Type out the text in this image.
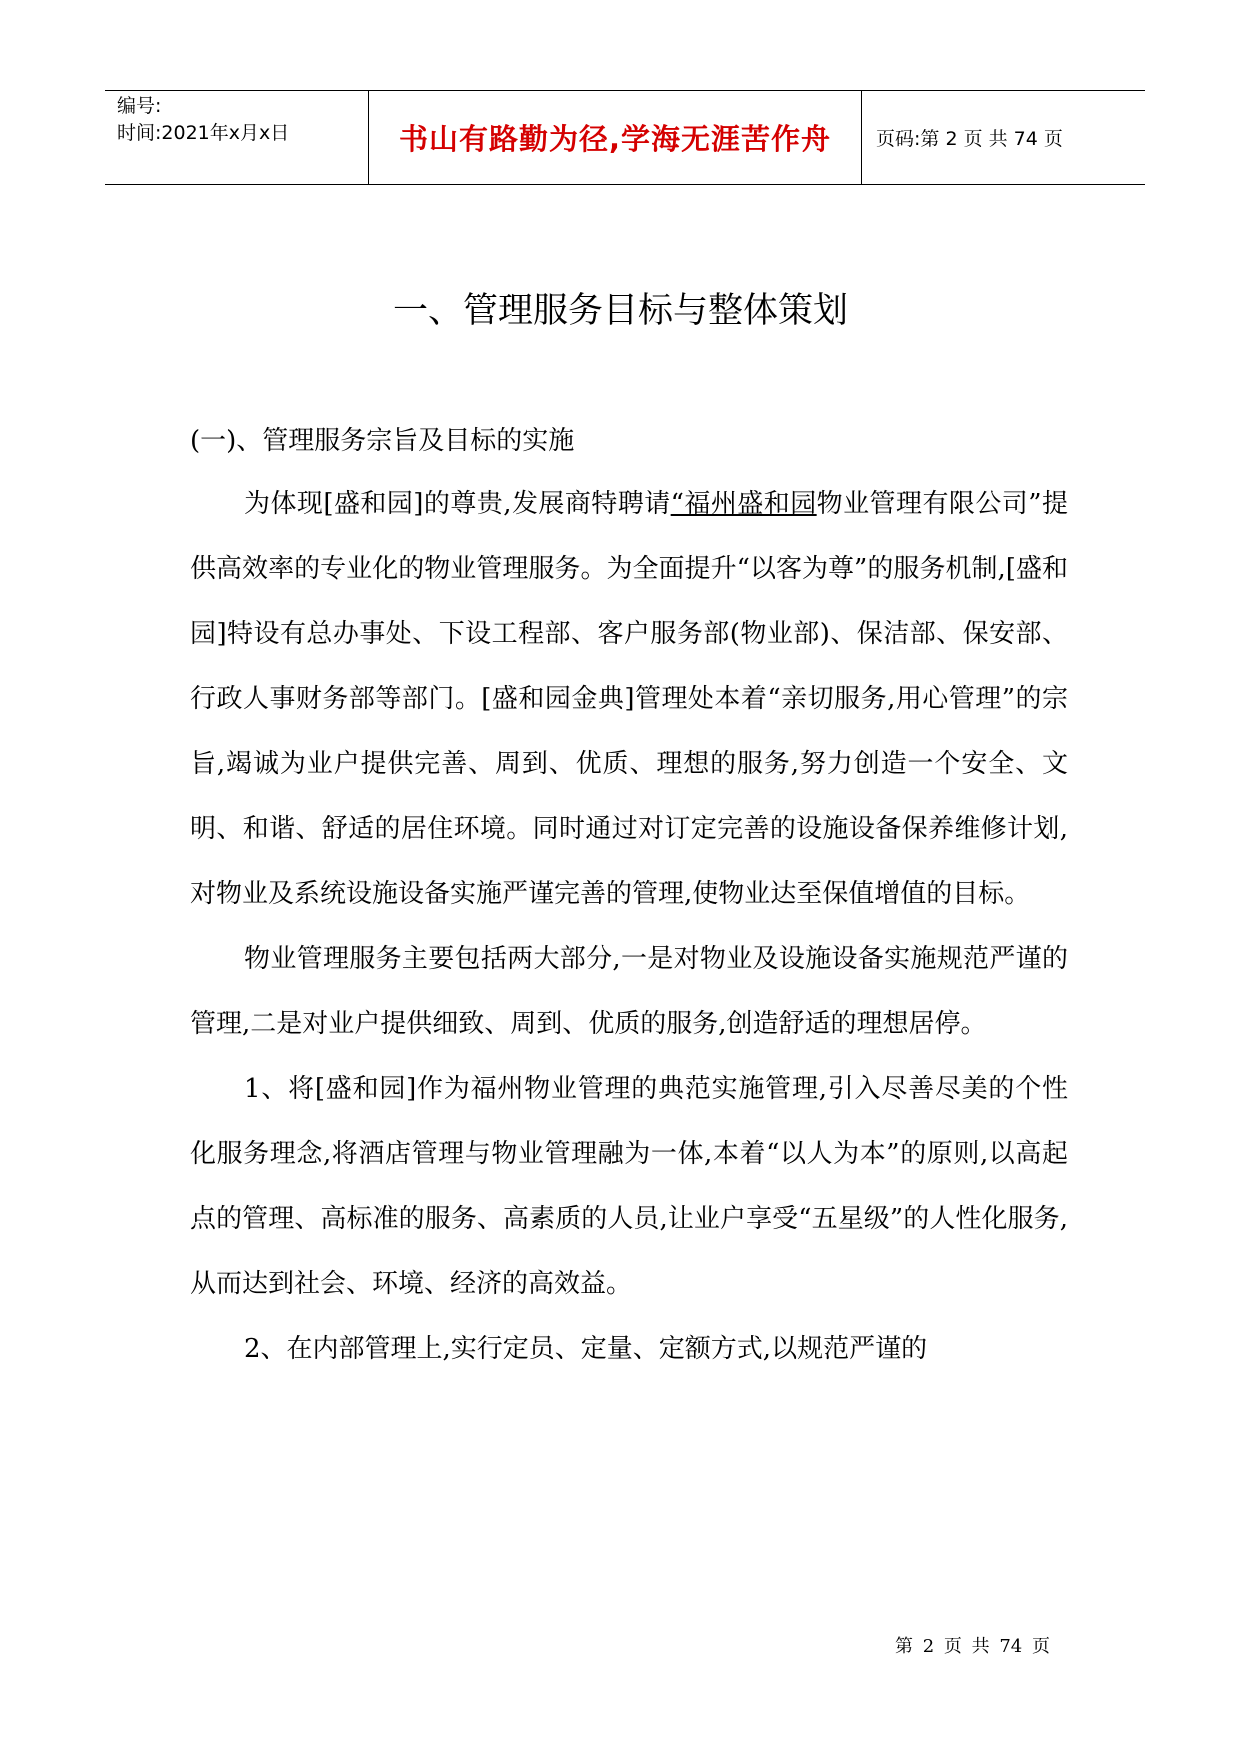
编号:
时间:2021年x月x日	书山有路勤为径,学海无涯苦作舟 页码:第 2 页 共 74 页
一、管理服务目标与整体策划
(一)、管理服务宗旨及目标的实施

为体现[盛和园]的尊贵,发展商特聘请“福州盛和园物业管理有限公司”提供高效率的专业化的物业管理服务。为全面提升“以客为尊”的服务机制,[盛和园]特设有总办事处、下设工程部、客户服务部(物业部)、保洁部、保安部、行政人事财务部等部门。[盛和园金典]管理处本着“亲切服务,用心管理”的宗旨,竭诚为业户提供完善、周到、优质、理想的服务,努力创造一个安全、文明、和谐、舒适的居住环境。同时通过对订定完善的设施设备保养维修计划,对物业及系统设施设备实施严谨完善的管理,使物业达至保值增值的目标。

物业管理服务主要包括两大部分,一是对物业及设施设备实施规范严谨的管理,二是对业户提供细致、周到、优质的服务,创造舒适的理想居停。

1、将[盛和园]作为福州物业管理的典范实施管理,引入尽善尽美的个性化服务理念,将酒店管理与物业管理融为一体,本着“以人为本”的原则,以高起点的管理、高标准的服务、高素质的人员,让业户享受“五星级”的人性化服务,从而达到社会、环境、经济的高效益。

2、在内部管理上,实行定员、定量、定额方式,以规范严谨的

第 2 页 共 74 页
